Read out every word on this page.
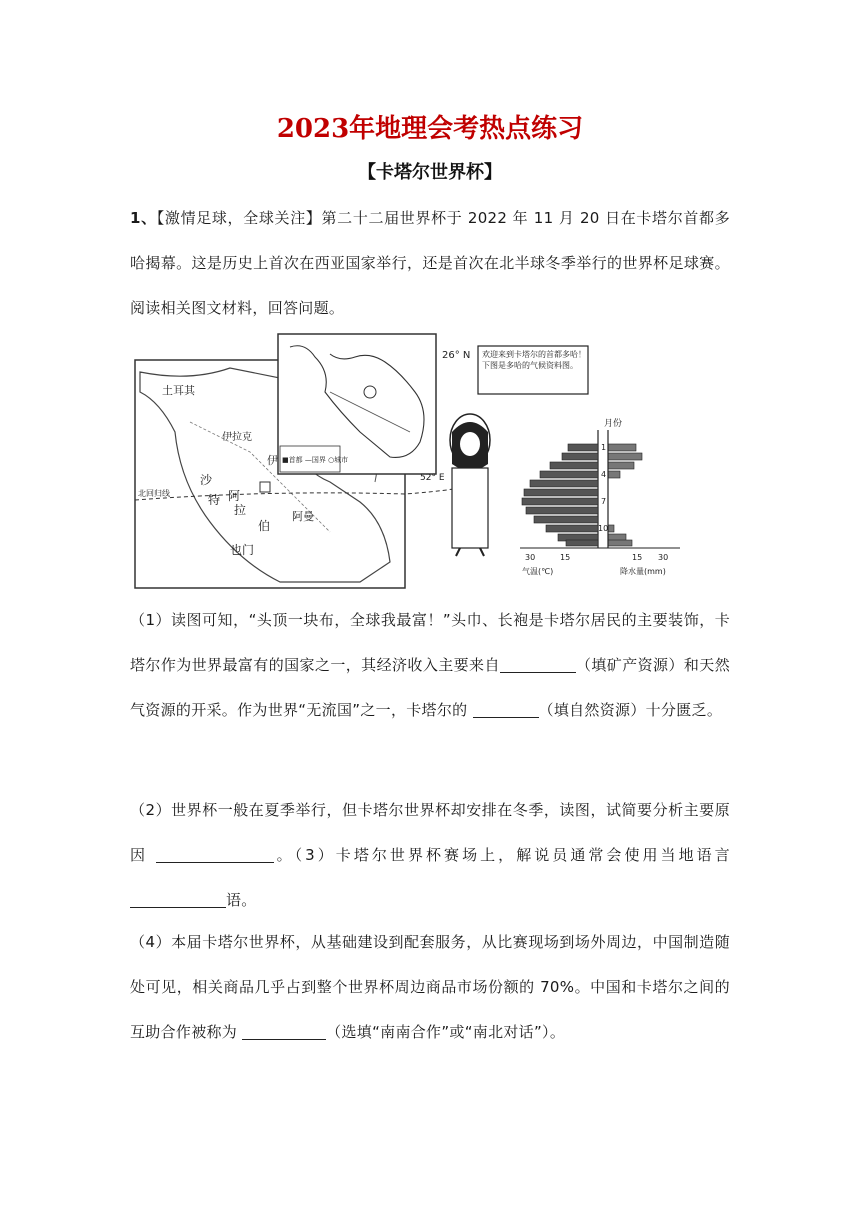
2023年地理会考热点练习
【卡塔尔世界杯】
1、【激情足球，全球关注】第二十二届世界杯于 2022 年 11 月 20 日在卡塔尔首都多哈揭幕。这是历史上首次在西亚国家举行，还是首次在北半球冬季举行的世界杯足球赛。阅读相关图文材料，回答问题。
土耳其
伊
伊拉克
沙
特 阿
拉
伯
也门
阿曼
北回归线
■首都 —国界 ○城市
26° N
52° E
欢迎来到卡塔尔的首都多哈！下图是多哈的气候资料图。
月份
1
4
7
10
30	15	15 30
气温(℃)	降水量(mm)
（1）读图可知，“头顶一块布，全球我最富！”头巾、长袍是卡塔尔居民的主要装饰，卡塔尔作为世界最富有的国家之一，其经济收入主要来自	（填矿产资源）和天然气资源的开采。作为世界“无流国”之一，卡塔尔的	（填自然资源）十分匮乏。
（2）世界杯一般在夏季举行，但卡塔尔世界杯却安排在冬季，读图，试简要分析主要原因	。（3）卡塔尔世界杯赛场上，解说员通常会使用当地语言语。
（4）本届卡塔尔世界杯，从基础建设到配套服务，从比赛现场到场外周边，中国制造随处可见，相关商品几乎占到整个世界杯周边商品市场份额的 70%。中国和卡塔尔之间的互助合作被称为	（选填“南南合作”或“南北对话”）。
